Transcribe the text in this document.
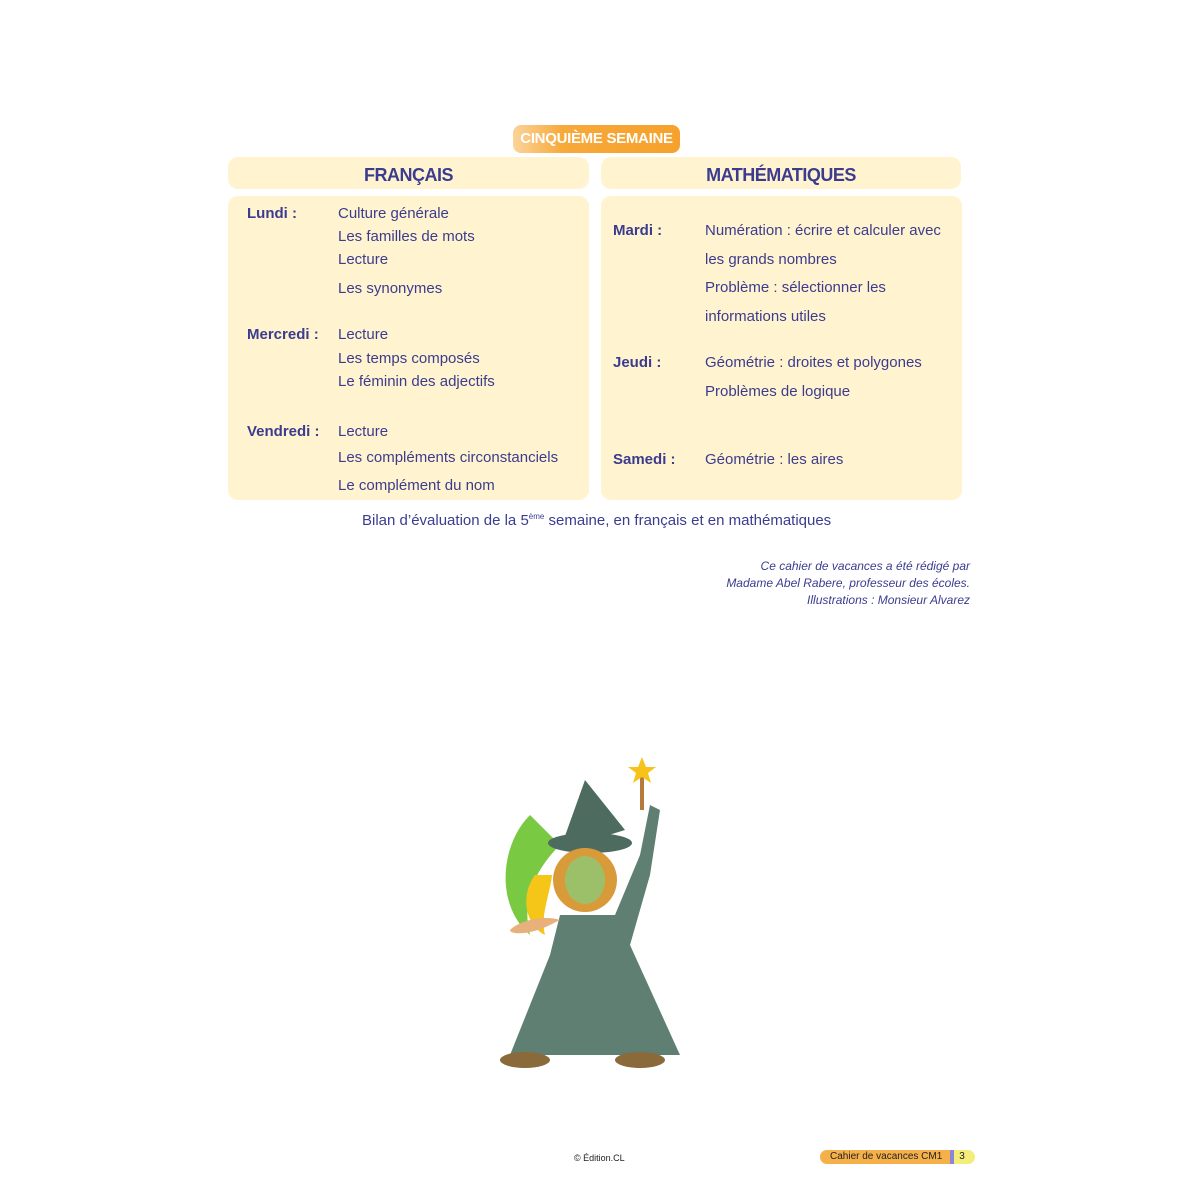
CINQUIÈME SEMAINE
FRANÇAIS	MATHÉMATIQUES
Lundi :	Culture générale
Les familles de mots
Lecture
Les synonymes
Mercredi : Lecture
Les temps composés
Le féminin des adjectifs
Vendredi : Lecture
Les compléments circonstanciels
Le complément du nom
Mardi :	Numération : écrire et calculer avec
les grands nombres
Problème : sélectionner les
informations utiles
Jeudi :	Géométrie : droites et polygones
Problèmes de logique
Samedi : Géométrie : les aires
Bilan d’évaluation de la 5ème semaine, en français et en mathématiques
Ce cahier de vacances a été rédigé par
Madame Abel Rabere, professeur des écoles.
Illustrations : Monsieur Alvarez
© Édition.CL	Cahier de vacances CM1	3
